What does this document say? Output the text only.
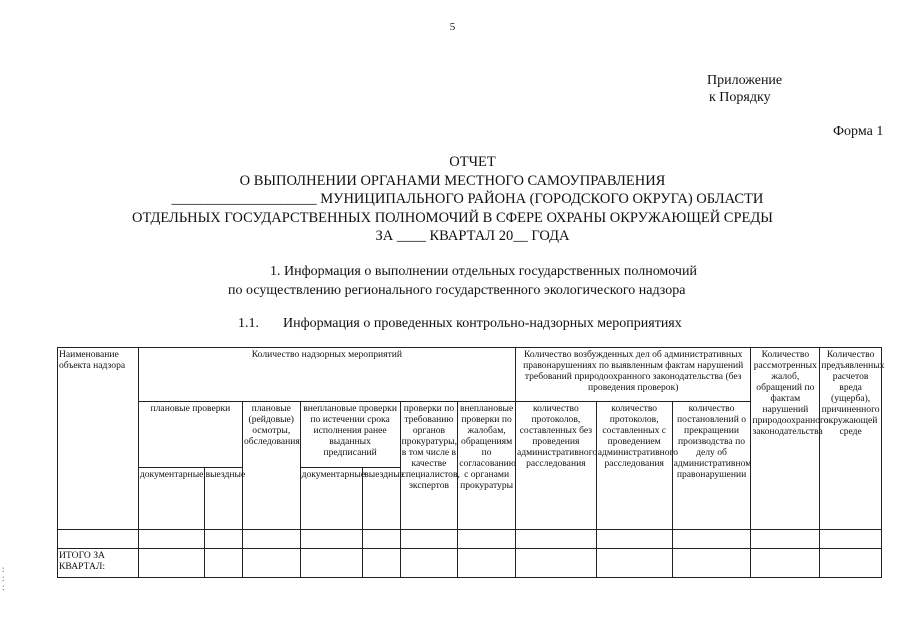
5
Приложение
к Порядку
Форма 1
ОТЧЕТ
О ВЫПОЛНЕНИИ ОРГАНАМИ МЕСТНОГО САМОУПРАВЛЕНИЯ
____________________ МУНИЦИПАЛЬНОГО РАЙОНА (ГОРОДСКОГО ОКРУГА) ОБЛАСТИ
ОТДЕЛЬНЫХ ГОСУДАРСТВЕННЫХ ПОЛНОМОЧИЙ В СФЕРЕ ОХРАНЫ ОКРУЖАЮЩЕЙ СРЕДЫ
ЗА ____ КВАРТАЛ 20__ ГОДА
1. Информация о выполнении отдельных государственных полномочий
по осуществлению регионального государственного экологического надзора
1.1. Информация о проведенных контрольно-надзорных мероприятиях
Наименование объекта надзора	Количество надзорных мероприятий							Количество возбужденных дел об административных правонарушениях по выявленным фактам нарушений требований природоохранного законодательства (без проведения проверок)			Количество рассмотренных жалоб, обращений по фактам нарушений природоохранного законодательства	Количество предъявленных расчетов вреда (ущерба), причиненного окружающей среде
	плановые проверки		плановые (рейдовые) осмотры, обследования	внеплановые проверки по истечении срока исполнения ранее выданных предписаний		проверки по требованию органов прокуратуры, в том числе в качестве специалистов, экспертов	внеплановые проверки по жалобам, обращениям по согласованию с органами прокуратуры	количество протоколов, составленных без проведения административного расследования	количество протоколов, составленных с проведением административного расследования	количество постановлений о прекращении производства по делу об административном правонарушении		
	документарные	выездные		документарные	выездные							

ИТОГО ЗА КВАРТАЛ:												
:
:
:
